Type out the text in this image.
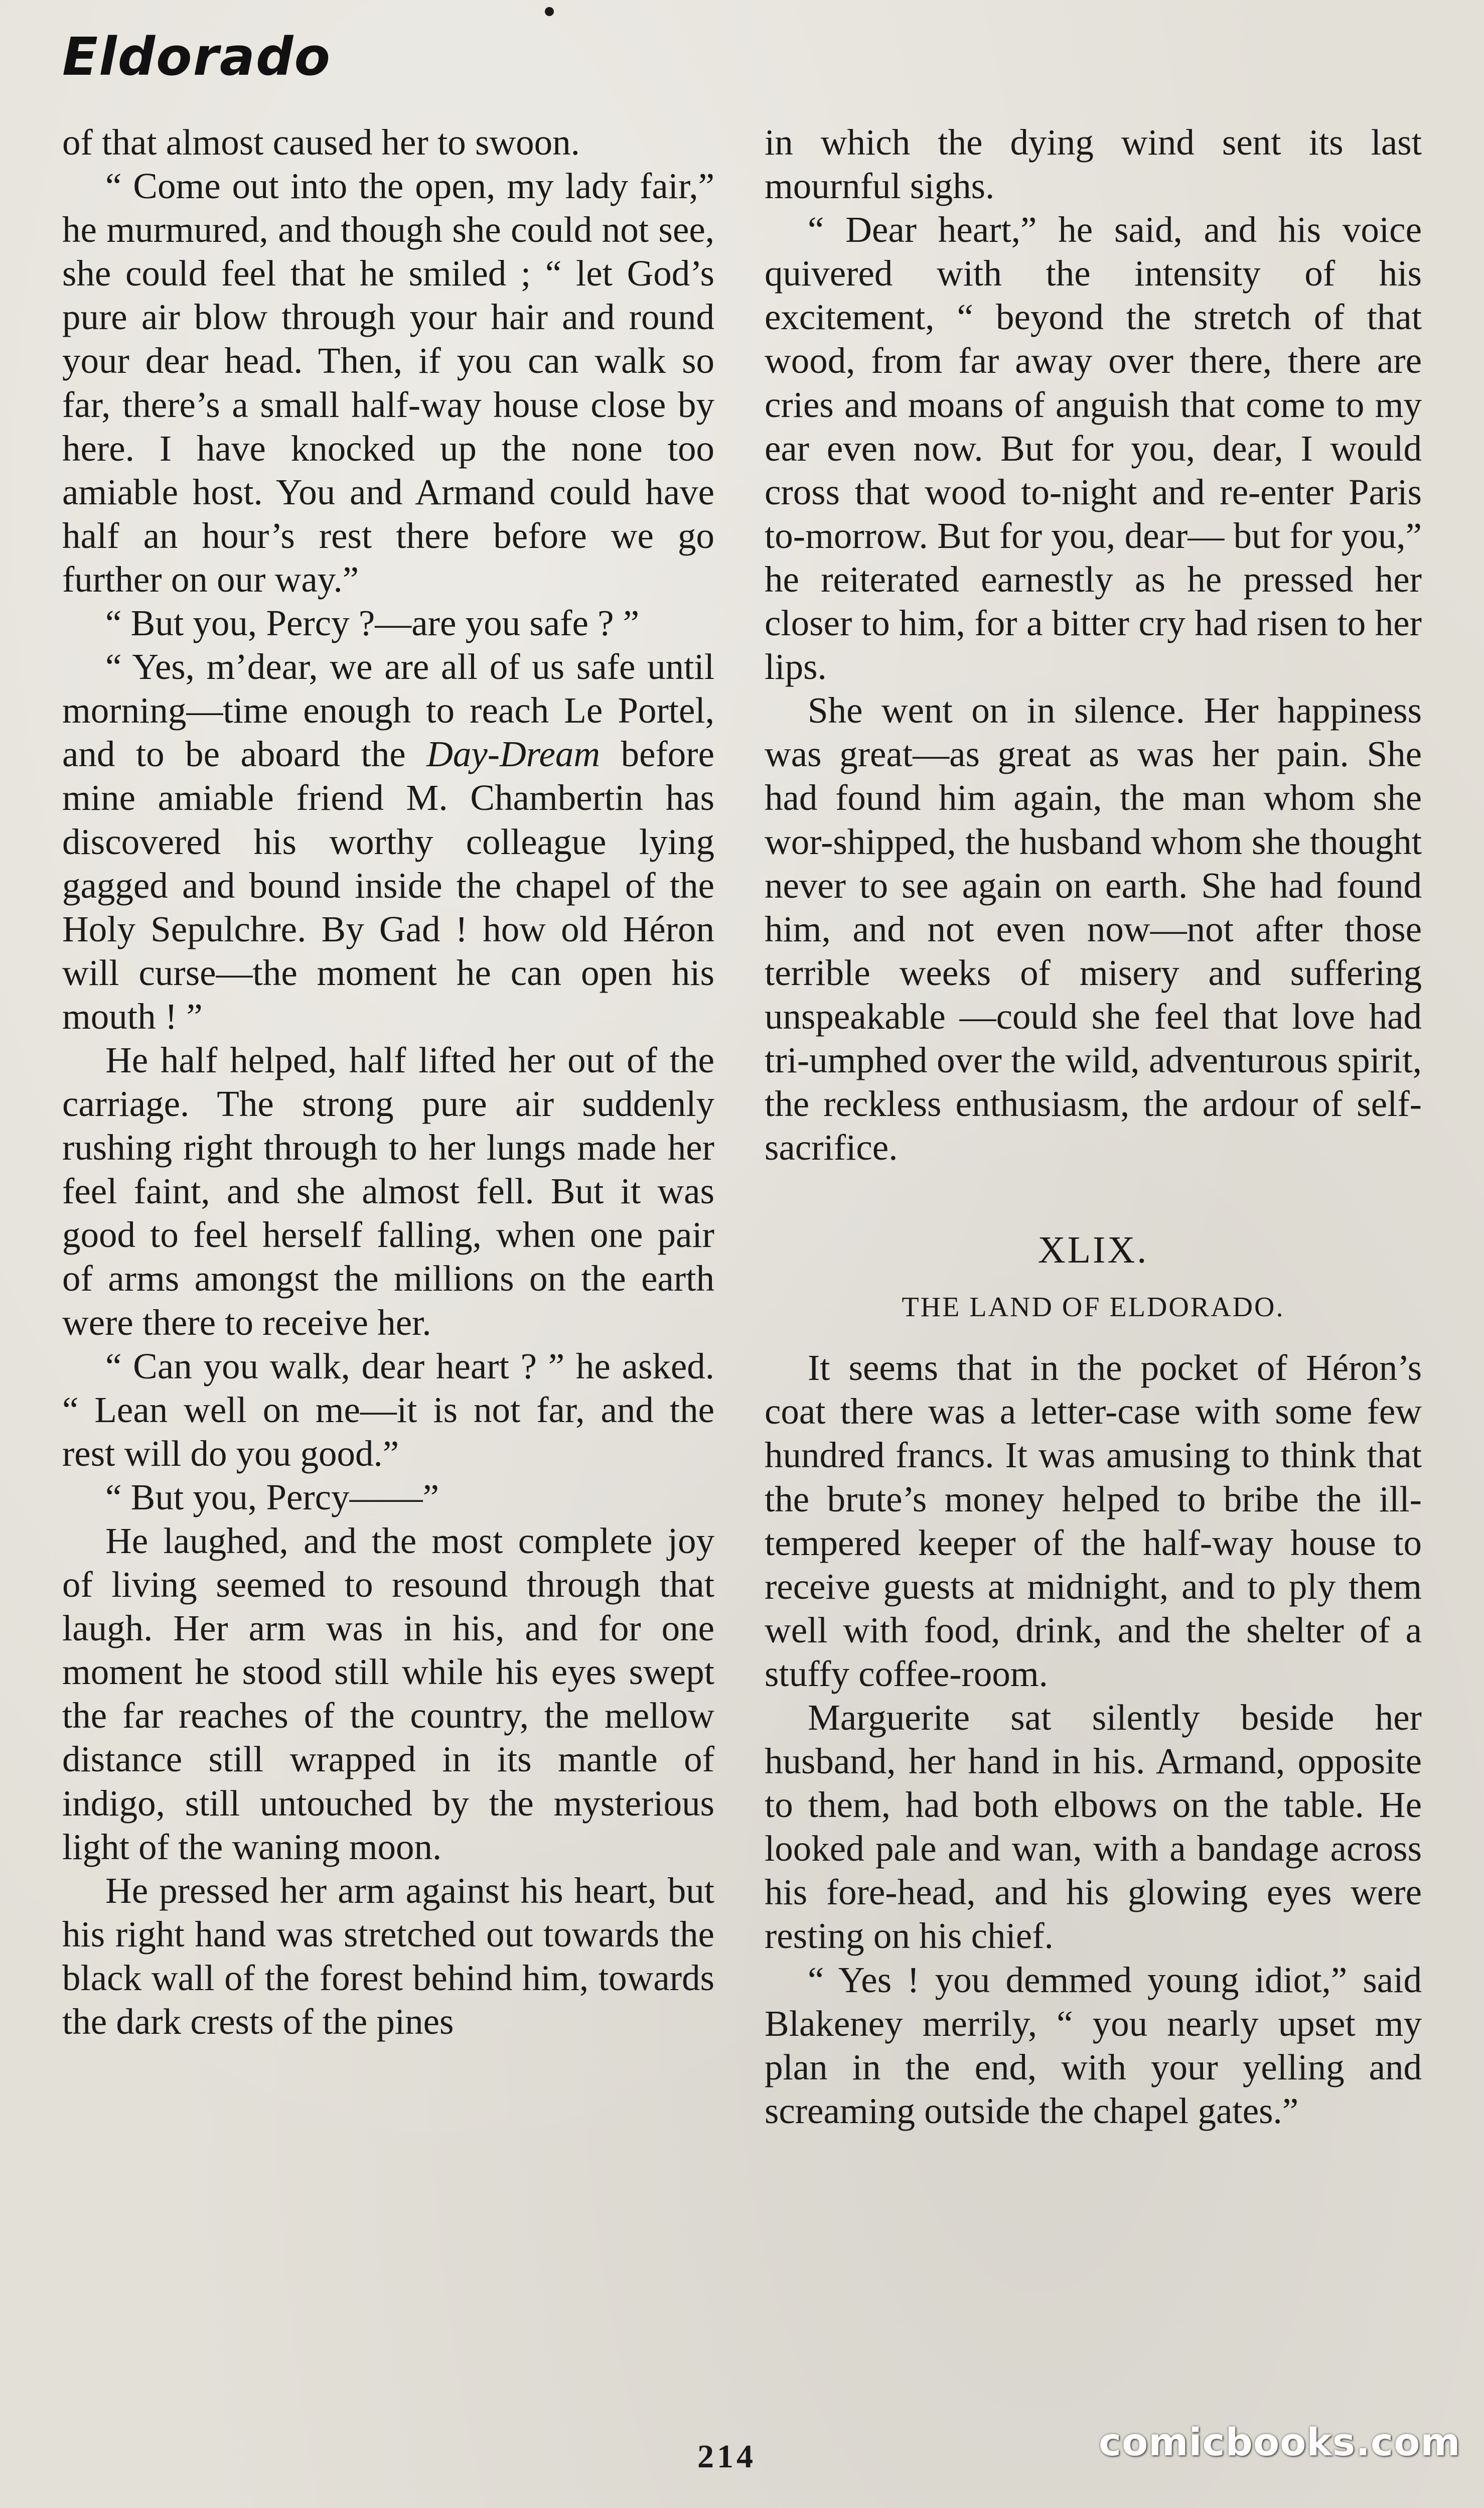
Eldorado

of that almost caused her to swoon.

“ Come out into the open, my lady fair,” he murmured, and though she could not see, she could feel that he smiled ; “ let God’s pure air blow through your hair and round your dear head. Then, if you can walk so far, there’s a small half-way house close by here. I have knocked up the none too amiable host. You and Armand could have half an hour’s rest there before we go further on our way.”

“ But you, Percy ?—are you safe ? ”

“ Yes, m’dear, we are all of us safe until morning—time enough to reach Le Portel, and to be aboard the Day-Dream before mine amiable friend M. Chambertin has discovered his worthy colleague lying gagged and bound inside the chapel of the Holy Sepulchre. By Gad ! how old Héron will curse—the moment he can open his mouth ! ”

He half helped, half lifted her out of the carriage. The strong pure air suddenly rushing right through to her lungs made her feel faint, and she almost fell. But it was good to feel herself falling, when one pair of arms amongst the millions on the earth were there to receive her.

“ Can you walk, dear heart ? ” he asked. “ Lean well on me—it is not far, and the rest will do you good.”

“ But you, Percy——”

He laughed, and the most complete joy of living seemed to resound through that laugh. Her arm was in his, and for one moment he stood still while his eyes swept the far reaches of the country, the mellow distance still wrapped in its mantle of indigo, still untouched by the mysterious light of the waning moon.

He pressed her arm against his heart, but his right hand was stretched out towards the black wall of the forest behind him, towards the dark crests of the pines

in which the dying wind sent its last mournful sighs.

“ Dear heart,” he said, and his voice quivered with the intensity of his excitement, “ beyond the stretch of that wood, from far away over there, there are cries and moans of anguish that come to my ear even now. But for you, dear, I would cross that wood to-night and re-enter Paris to-morrow. But for you, dear— but for you,” he reiterated earnestly as he pressed her closer to him, for a bitter cry had risen to her lips.

She went on in silence. Her happiness was great—as great as was her pain. She had found him again, the man whom she wor-shipped, the husband whom she thought never to see again on earth. She had found him, and not even now—not after those terrible weeks of misery and suffering unspeakable —could she feel that love had tri-umphed over the wild, adventurous spirit, the reckless enthusiasm, the ardour of self-sacrifice.

XLIX.

THE LAND OF ELDORADO.

It seems that in the pocket of Héron’s coat there was a letter-case with some few hundred francs. It was amusing to think that the brute’s money helped to bribe the ill-tempered keeper of the half-way house to receive guests at midnight, and to ply them well with food, drink, and the shelter of a stuffy coffee-room.

Marguerite sat silently beside her husband, her hand in his. Armand, opposite to them, had both elbows on the table. He looked pale and wan, with a bandage across his fore-head, and his glowing eyes were resting on his chief.

“ Yes ! you demmed young idiot,” said Blakeney merrily, “ you nearly upset my plan in the end, with your yelling and screaming outside the chapel gates.”

214	comicbooks.com
